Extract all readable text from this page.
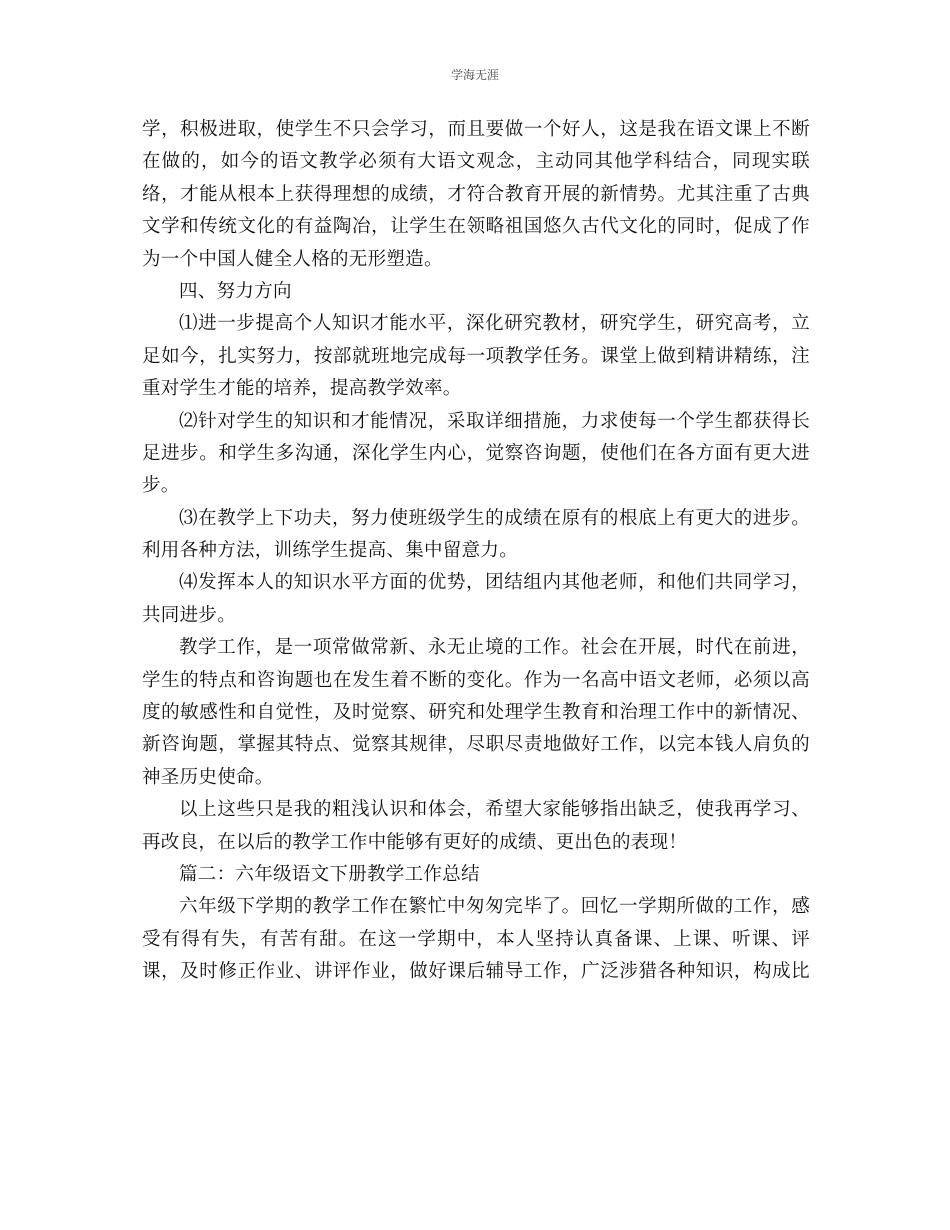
学海无涯
学，积极进取，使学生不只会学习，而且要做一个好人，这是我在语文课上不断
在做的，如今的语文教学必须有大语文观念，主动同其他学科结合，同现实联
络，才能从根本上获得理想的成绩，才符合教育开展的新情势。尤其注重了古典
文学和传统文化的有益陶冶，让学生在领略祖国悠久古代文化的同时，促成了作
为一个中国人健全人格的无形塑造。
四、努力方向
⑴进一步提高个人知识才能水平，深化研究教材，研究学生，研究高考，立
足如今，扎实努力，按部就班地完成每一项教学任务。课堂上做到精讲精练，注
重对学生才能的培养，提高教学效率。
⑵针对学生的知识和才能情况，采取详细措施，力求使每一个学生都获得长
足进步。和学生多沟通，深化学生内心，觉察咨询题，使他们在各方面有更大进
步。
⑶在教学上下功夫，努力使班级学生的成绩在原有的根底上有更大的进步。
利用各种方法，训练学生提高、集中留意力。
⑷发挥本人的知识水平方面的优势，团结组内其他老师，和他们共同学习，
共同进步。
教学工作，是一项常做常新、永无止境的工作。社会在开展，时代在前进，
学生的特点和咨询题也在发生着不断的变化。作为一名高中语文老师，必须以高
度的敏感性和自觉性，及时觉察、研究和处理学生教育和治理工作中的新情况、
新咨询题，掌握其特点、觉察其规律，尽职尽责地做好工作，以完本钱人肩负的
神圣历史使命。
以上这些只是我的粗浅认识和体会，希望大家能够指出缺乏，使我再学习、
再改良，在以后的教学工作中能够有更好的成绩、更出色的表现！
篇二：六年级语文下册教学工作总结
六年级下学期的教学工作在繁忙中匆匆完毕了。回忆一学期所做的工作，感
受有得有失，有苦有甜。在这一学期中，本人坚持认真备课、上课、听课、评
课，及时修正作业、讲评作业，做好课后辅导工作，广泛涉猎各种知识，构成比
